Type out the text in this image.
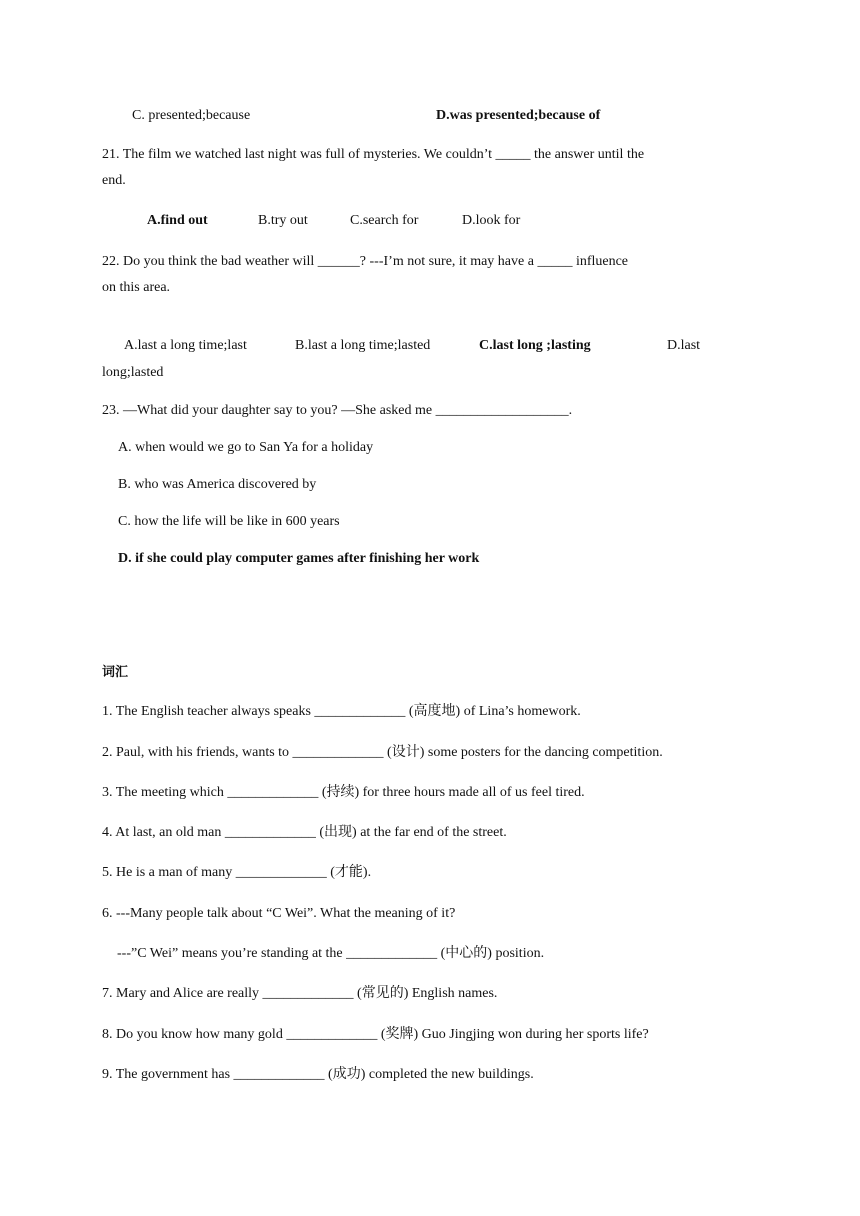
C. presented;because	D.was presented;because of
21. The film we watched last night was full of mysteries. We couldn’t _____ the answer until the
end.
A.find out	B.try out	C.search for	D.look for
22. Do you think the bad weather will ______? ---I’m not sure, it may have a _____ influence
on this area.
A.last a long time;last	B.last a long time;lasted	C.last long ;lasting	D.last
long;lasted
23. —What did your daughter say to you? —She asked me ___________________.
A. when would we go to San Ya for a holiday
B. who was America discovered by
C. how the life will be like in 600 years
D. if she could play computer games after finishing her work
词汇
1. The English teacher always speaks _____________ (高度地) of Lina’s homework.
2. Paul, with his friends, wants to _____________ (设计) some posters for the dancing competition.
3. The meeting which _____________ (持续) for three hours made all of us feel tired.
4. At last, an old man _____________ (出现) at the far end of the street.
5. He is a man of many _____________ (才能).
6. ---Many people talk about “C Wei”. What the meaning of it?
---”C Wei” means you’re standing at the _____________ (中心的) position.
7. Mary and Alice are really _____________ (常见的) English names.
8. Do you know how many gold _____________ (奖牌) Guo Jingjing won during her sports life?
9. The government has _____________ (成功) completed the new buildings.
